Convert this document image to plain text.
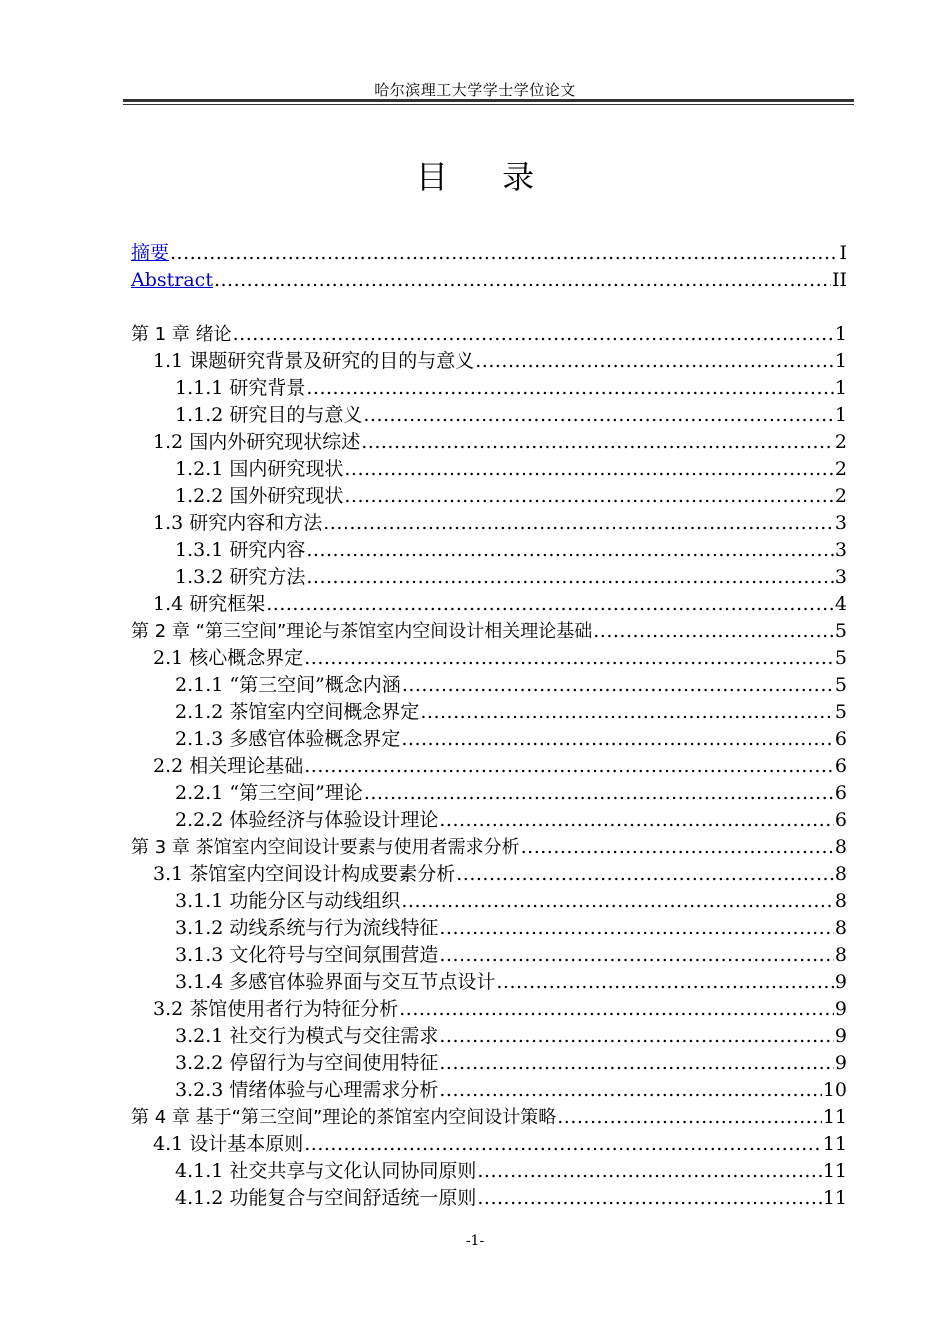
哈尔滨理工大学学士学位论文
目 录
摘要 .....	I
Abstract .....	II
第 1 章 绪论 .....	1
1.1 课题研究背景及研究的目的与意义 .....	1
1.1.1 研究背景 .....	1
1.1.2 研究目的与意义 .....	1
1.2 国内外研究现状综述 .....	2
1.2.1 国内研究现状 .....	2
1.2.2 国外研究现状 .....	2
1.3 研究内容和方法 .....	3
1.3.1 研究内容 .....	3
1.3.2 研究方法 .....	3
1.4 研究框架 .....	4
第 2 章 “第三空间”理论与茶馆室内空间设计相关理论基础 .....	5
2.1 核心概念界定 .....	5
2.1.1 “第三空间”概念内涵 .....	5
2.1.2 茶馆室内空间概念界定 .....	5
2.1.3 多感官体验概念界定 .....	6
2.2 相关理论基础 .....	6
2.2.1 “第三空间”理论 .....	6
2.2.2 体验经济与体验设计理论 .....	6
第 3 章 茶馆室内空间设计要素与使用者需求分析 .....	8
3.1 茶馆室内空间设计构成要素分析 .....	8
3.1.1 功能分区与动线组织 .....	8
3.1.2 动线系统与行为流线特征 .....	8
3.1.3 文化符号与空间氛围营造 .....	8
3.1.4 多感官体验界面与交互节点设计 .....	9
3.2 茶馆使用者行为特征分析 .....	9
3.2.1 社交行为模式与交往需求 .....	9
3.2.2 停留行为与空间使用特征 .....	9
3.2.3 情绪体验与心理需求分析 .....	10
第 4 章 基于“第三空间”理论的茶馆室内空间设计策略 .....	11
4.1 设计基本原则 .....	11
4.1.1 社交共享与文化认同协同原则 .....	11
4.1.2 功能复合与空间舒适统一原则 .....	11
-1-
